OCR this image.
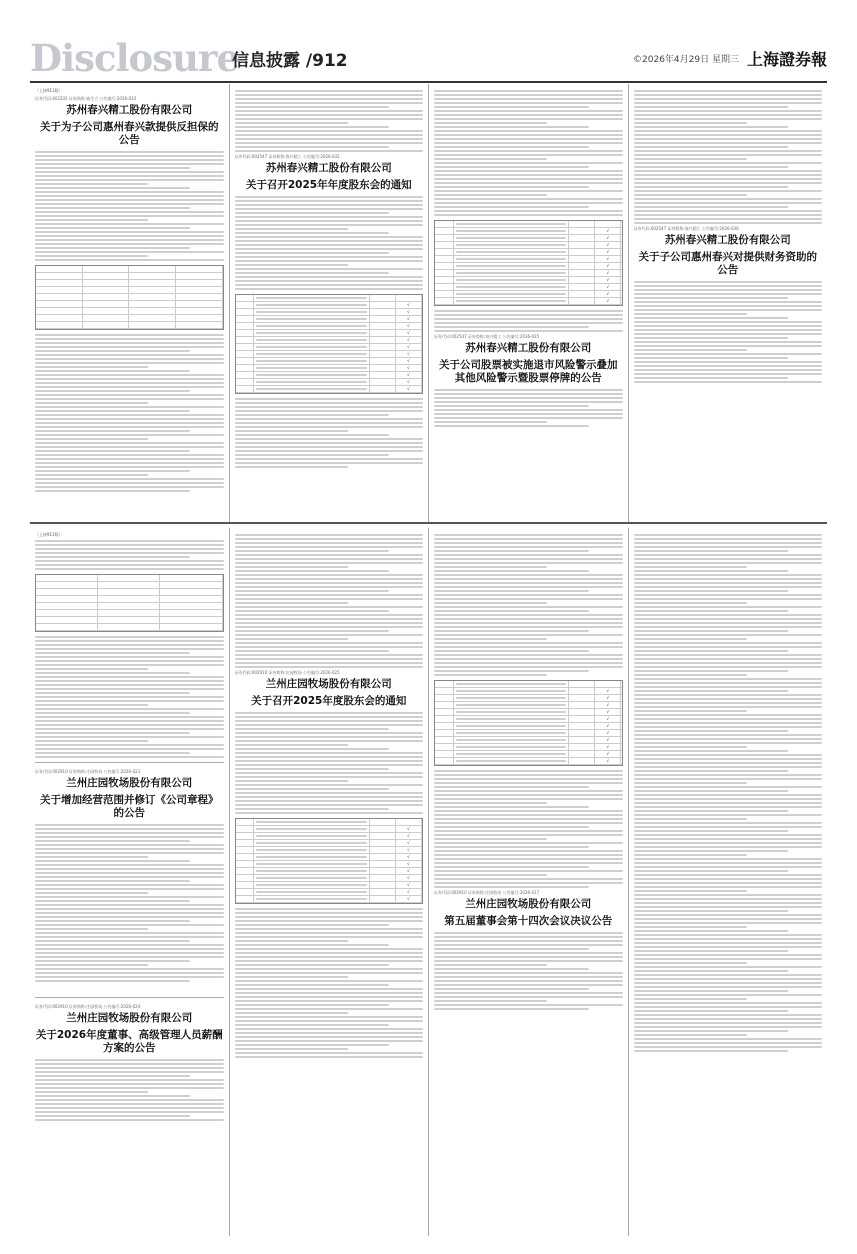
Disclosure
信息披露 /912	©2026年4月29日 星期三 上海證券報
（上接911版）
证券代码:603335 证券简称:迪生力 公告编号:2026-033
苏州春兴精工股份有限公司
关于为子公司惠州春兴款提供反担保的公告
证券代码:002547 证券简称:春兴精工 公告编号:2026-032
苏州春兴精工股份有限公司
关于召开2025年年度股东会的通知
√
√
√
√
√
√
√
√
√
√
√
√
√
√
√
√
√
√
√
√
√
√
√
√
证券代码:002547 证券简称:春兴精工 公告编号:2026-035
苏州春兴精工股份有限公司
关于公司股票被实施退市风险警示叠加其他风险警示暨股票停牌的公告
证券代码:002547 证券简称:春兴精工 公告编号:2026-036
苏州春兴精工股份有限公司
关于子公司惠州春兴对提供财务资助的公告
（上接911版）
证券代码:002910 证券简称:庄园牧场 公告编号:2026-023
兰州庄园牧场股份有限公司
关于增加经营范围并修订《公司章程》的公告
证券代码:002910 证券简称:庄园牧场 公告编号:2026-024
兰州庄园牧场股份有限公司
关于2026年度董事、高级管理人员薪酬方案的公告
证券代码:002910 证券简称:庄园牧场 公告编号:2026-025
兰州庄园牧场股份有限公司
关于召开2025年度股东会的通知
√
√
√
√
√
√
√
√
√
√
√
√
√
√
√
√
√
√
√
√
√
√
证券代码:002910 证券简称:庄园牧场 公告编号:2026-017
兰州庄园牧场股份有限公司
第五届董事会第十四次会议决议公告
